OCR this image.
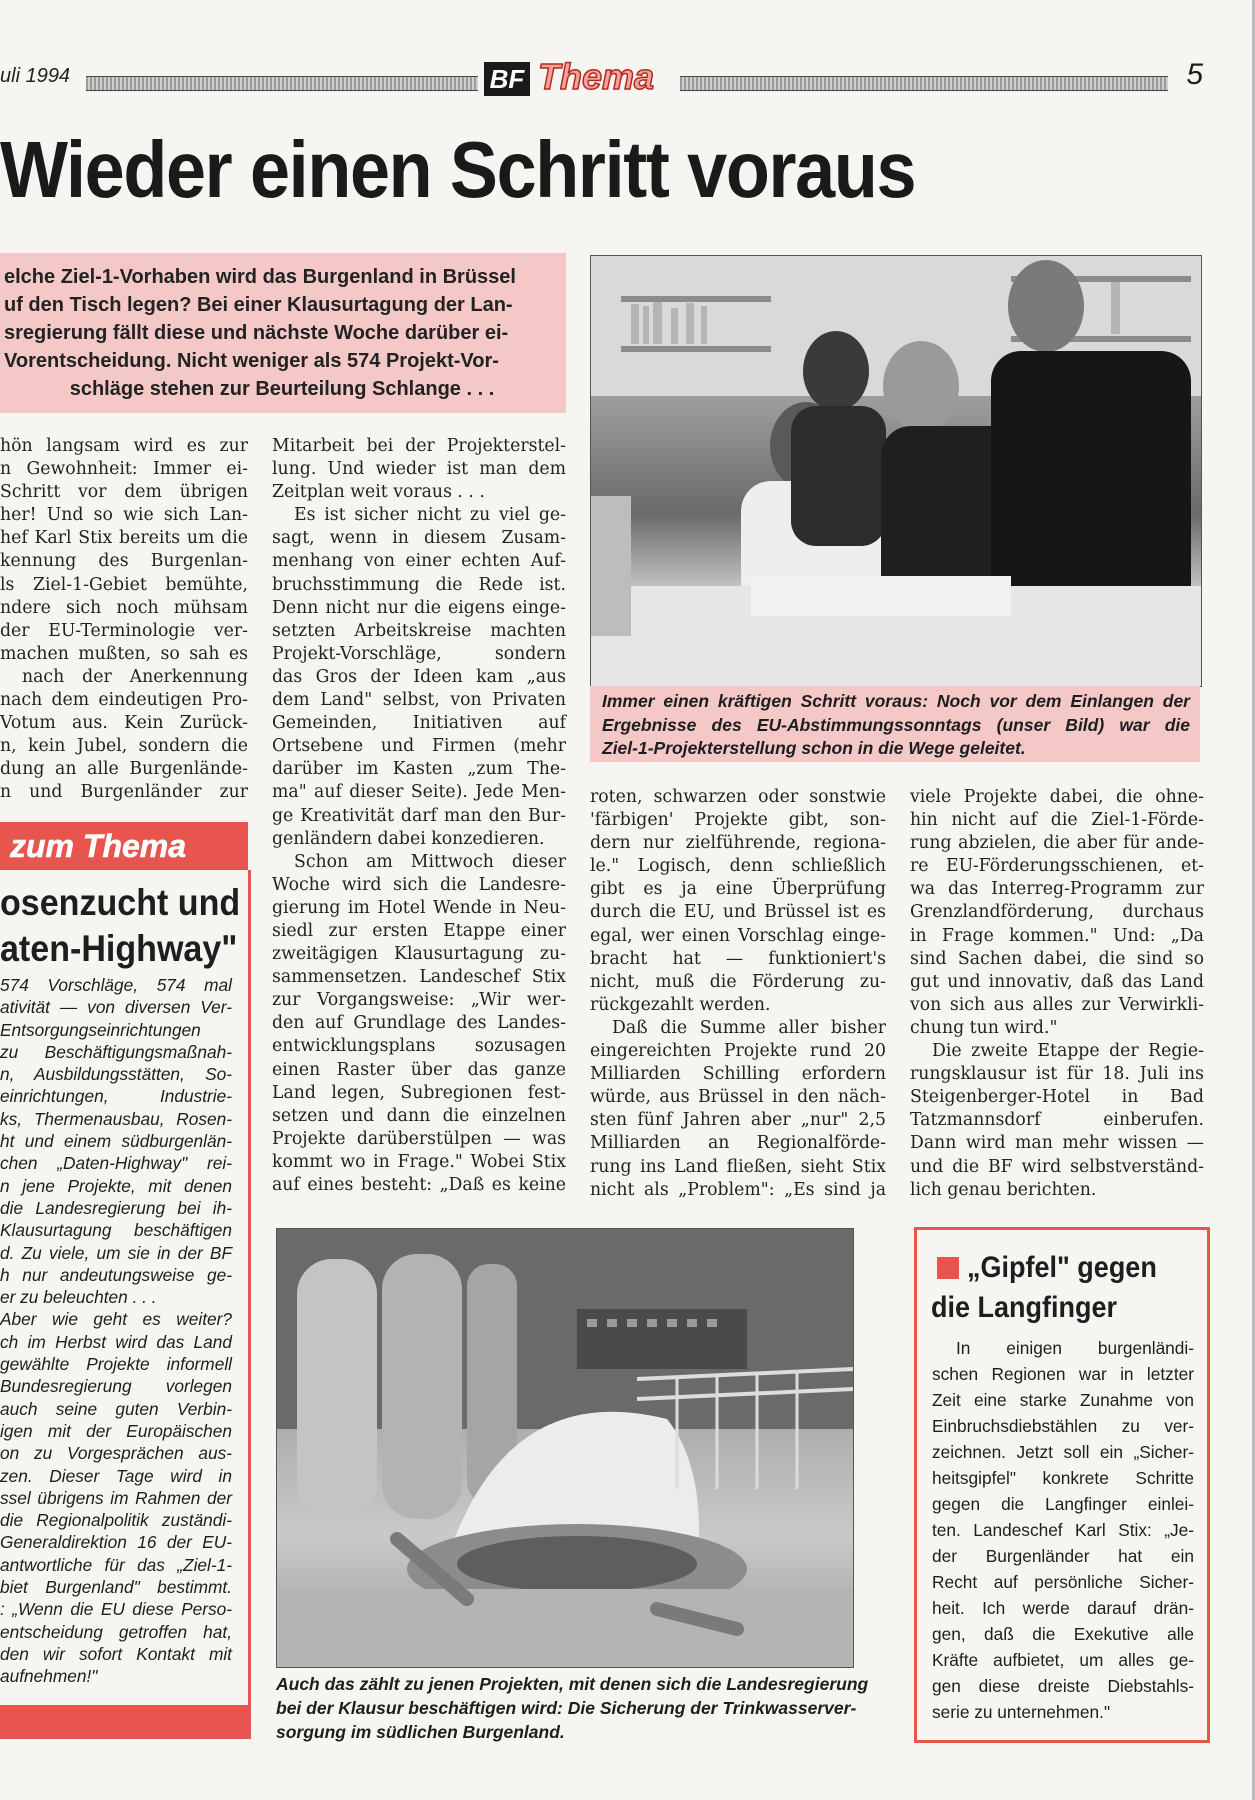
uli 1994	BF Thema	5
Wieder einen Schritt voraus
elche Ziel-1-Vorhaben wird das Burgenland in Brüssel
uf den Tisch legen? Bei einer Klausurtagung der Lan-
sregierung fällt diese und nächste Woche darüber ei-
Vorentscheidung. Nicht weniger als 574 Projekt-Vor-
schläge stehen zur Beurteilung Schlange . . .
Immer einen kräftigen Schritt voraus: Noch vor dem Einlangen der
Ergebnisse des EU-Abstimmungssonntags (unser Bild) war die
Ziel-1-Projekterstellung schon in die Wege geleitet.
hön langsam wird es zur
n Gewohnheit: Immer ei-
Schritt vor dem übrigen
her! Und so wie sich Lan-
hef Karl Stix bereits um die
kennung des Burgenlan-
ls Ziel-1-Gebiet bemühte,
ndere sich noch mühsam
der EU-Terminologie ver-
machen mußten, so sah es
nach der Anerkennung
nach dem eindeutigen Pro-
Votum aus. Kein Zurück-
n, kein Jubel, sondern die
dung an alle Burgenlände-
n und Burgenländer zur
Mitarbeit bei der Projekterstel-
lung. Und wieder ist man dem
Zeitplan weit voraus . . .
Es ist sicher nicht zu viel ge-
sagt, wenn in diesem Zusam-
menhang von einer echten Auf-
bruchsstimmung die Rede ist.
Denn nicht nur die eigens einge-
setzten Arbeitskreise machten
Projekt-Vorschläge, sondern
das Gros der Ideen kam „aus
dem Land" selbst, von Privaten
Gemeinden, Initiativen auf
Ortsebene und Firmen (mehr
darüber im Kasten „zum The-
ma" auf dieser Seite). Jede Men-
ge Kreativität darf man den Bur-
genländern dabei konzedieren.
Schon am Mittwoch dieser
Woche wird sich die Landesre-
gierung im Hotel Wende in Neu-
siedl zur ersten Etappe einer
zweitägigen Klausurtagung zu-
sammensetzen. Landeschef Stix
zur Vorgangsweise: „Wir wer-
den auf Grundlage des Landes-
entwicklungsplans sozusagen
einen Raster über das ganze
Land legen, Subregionen fest-
setzen und dann die einzelnen
Projekte darüberstülpen — was
kommt wo in Frage." Wobei Stix
auf eines besteht: „Daß es keine
roten, schwarzen oder sonstwie
'färbigen' Projekte gibt, son-
dern nur zielführende, regiona-
le." Logisch, denn schließlich
gibt es ja eine Überprüfung
durch die EU, und Brüssel ist es
egal, wer einen Vorschlag einge-
bracht hat — funktioniert's
nicht, muß die Förderung zu-
rückgezahlt werden.
Daß die Summe aller bisher
eingereichten Projekte rund 20
Milliarden Schilling erfordern
würde, aus Brüssel in den näch-
sten fünf Jahren aber „nur" 2,5
Milliarden an Regionalförde-
rung ins Land fließen, sieht Stix
nicht als „Problem": „Es sind ja
viele Projekte dabei, die ohne-
hin nicht auf die Ziel-1-Förde-
rung abzielen, die aber für ande-
re EU-Förderungsschienen, et-
wa das Interreg-Programm zur
Grenzlandförderung, durchaus
in Frage kommen." Und: „Da
sind Sachen dabei, die sind so
gut und innovativ, daß das Land
von sich aus alles zur Verwirkli-
chung tun wird."
Die zweite Etappe der Regie-
rungsklausur ist für 18. Juli ins
Steigenberger-Hotel in Bad
Tatzmannsdorf einberufen.
Dann wird man mehr wissen —
und die BF wird selbstverständ-
lich genau berichten.
zum Thema
osenzucht und
aten-Highway"
574 Vorschläge, 574 mal
ativität — von diversen Ver-
Entsorgungseinrichtungen
zu Beschäftigungsmaßnah-
n, Ausbildungsstätten, So-
einrichtungen, Industrie-
ks, Thermenausbau, Rosen-
ht und einem südburgenlän-
chen „Daten-Highway" rei-
n jene Projekte, mit denen
die Landesregierung bei ih-
Klausurtagung beschäftigen
d. Zu viele, um sie in der BF
h nur andeutungsweise ge-
er zu beleuchten . . .
Aber wie geht es weiter?
ch im Herbst wird das Land
gewählte Projekte informell
Bundesregierung vorlegen
auch seine guten Verbin-
igen mit der Europäischen
on zu Vorgesprächen aus-
zen. Dieser Tage wird in
ssel übrigens im Rahmen der
die Regionalpolitik zuständi-
Generaldirektion 16 der EU-
antwortliche für das „Ziel-1-
biet Burgenland" bestimmt.
: „Wenn die EU diese Perso-
entscheidung getroffen hat,
den wir sofort Kontakt mit
aufnehmen!"	Auch das zählt zu jenen Projekten, mit denen sich die Landesregierung
bei der Klausur beschäftigen wird: Die Sicherung der Trinkwasserver-
sorgung im südlichen Burgenland.
„Gipfel" gegen
die Langfinger
In einigen burgenländi-
schen Regionen war in letzter
Zeit eine starke Zunahme von
Einbruchsdiebstählen zu ver-
zeichnen. Jetzt soll ein „Sicher-
heitsgipfel" konkrete Schritte
gegen die Langfinger einlei-
ten. Landeschef Karl Stix: „Je-
der Burgenländer hat ein
Recht auf persönliche Sicher-
heit. Ich werde darauf drän-
gen, daß die Exekutive alle
Kräfte aufbietet, um alles ge-
gen diese dreiste Diebstahls-
serie zu unternehmen."
